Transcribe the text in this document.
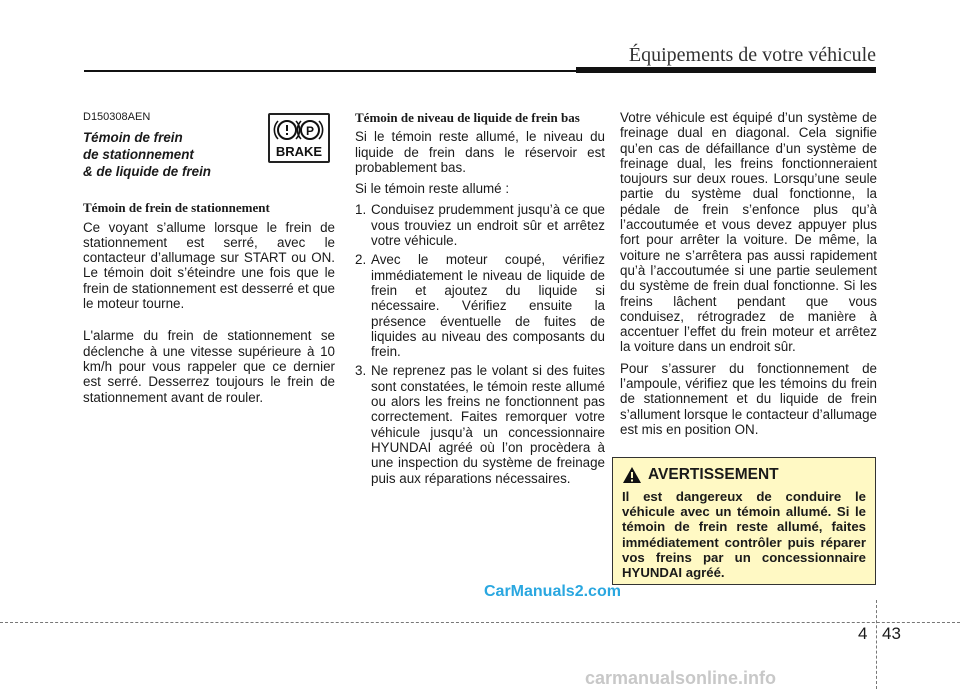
Équipements de votre véhicule
D150308AEN
Témoin de frein
de stationnement
& de liquide de frein
Témoin de frein de stationnement

Ce voyant s’allume lorsque le frein de stationnement est serré, avec le contacteur d’allumage sur START ou ON. Le témoin doit s’éteindre une fois que le frein de stationnement est desserré et que le moteur tourne.

L'alarme du frein de stationnement se déclenche à une vitesse supérieure à 10 km/h pour vous rappeler que ce dernier est serré. Desserrez toujours le frein de stationnement avant de rouler.

P
BRAKE
Témoin de niveau de liquide de frein bas

Si le témoin reste allumé, le niveau du liquide de frein dans le réservoir est probablement bas.

Si le témoin reste allumé :

1. Conduisez prudemment jusqu’à ce que vous trouviez un endroit sûr et arrêtez votre véhicule.
2. Avec le moteur coupé, vérifiez immédiatement le niveau de liquide de frein et ajoutez du liquide si nécessaire. Vérifiez ensuite la présence éventuelle de fuites de liquides au niveau des composants du frein.
3. Ne reprenez pas le volant si des fuites sont constatées, le témoin reste allumé ou alors les freins ne fonctionnent pas correctement. Faites remorquer votre véhicule jusqu’à un concessionnaire HYUNDAI agréé où l’on procèdera à une inspection du système de freinage puis aux réparations nécessaires.

Votre véhicule est équipé d’un système de freinage dual en diagonal. Cela signifie qu’en cas de défaillance d’un système de freinage dual, les freins fonctionneraient toujours sur deux roues. Lorsqu’une seule partie du système dual fonctionne, la pédale de frein s’enfonce plus qu’à l’accoutumée et vous devez appuyer plus fort pour arrêter la voiture. De même, la voiture ne s’arrêtera pas aussi rapidement qu’à l’accoutumée si une partie seulement du système de frein dual fonctionne. Si les freins lâchent pendant que vous conduisez, rétrogradez de manière à accentuer l’effet du frein moteur et arrêtez la voiture dans un endroit sûr.

Pour s’assurer du fonctionnement de l’ampoule, vérifiez que les témoins du frein de stationnement et du liquide de frein s’allument lorsque le contacteur d’allumage est mis en position ON.

AVERTISSEMENT

Il est dangereux de conduire le véhicule avec un témoin allumé. Si le témoin de frein reste allumé, faites immédiatement contrôler puis réparer vos freins par un concessionnaire HYUNDAI agréé.

CarManuals2.com
4 43
carmanualsonline.info
